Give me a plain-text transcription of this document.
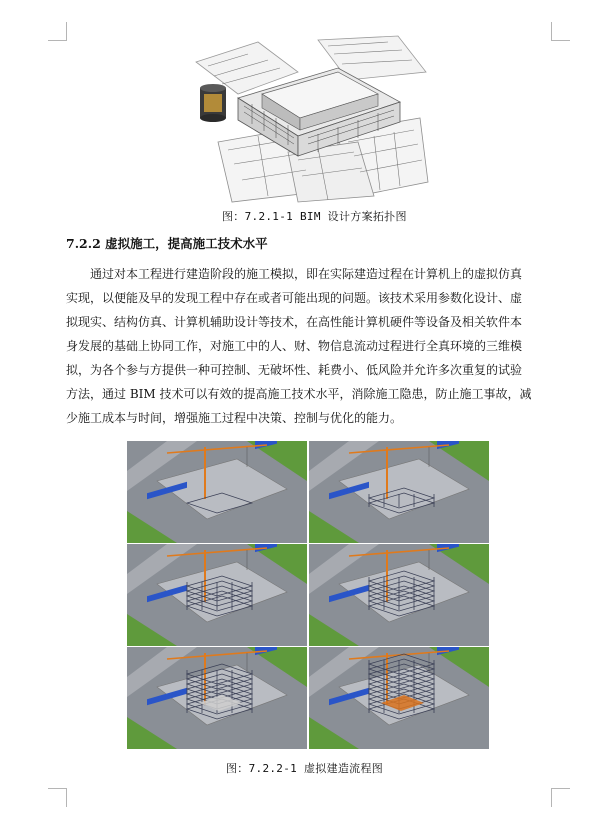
图：7.2.1-1 BIM 设计方案拓扑图
7.2.2 虚拟施工，提高施工技术水平
通过对本工程进行建造阶段的施工模拟，即在实际建造过程在计算机上的虚拟仿真
实现，以便能及早的发现工程中存在或者可能出现的问题。该技术采用参数化设计、虚
拟现实、结构仿真、计算机辅助设计等技术，在高性能计算机硬件等设备及相关软件本
身发展的基础上协同工作，对施工中的人、财、物信息流动过程进行全真环境的三维模
拟，为各个参与方提供一种可控制、无破坏性、耗费小、低风险并允许多次重复的试验
方法，通过 BIM 技术可以有效的提高施工技术水平，消除施工隐患，防止施工事故，减
少施工成本与时间，增强施工过程中决策、控制与优化的能力。
图：7.2.2-1 虚拟建造流程图
